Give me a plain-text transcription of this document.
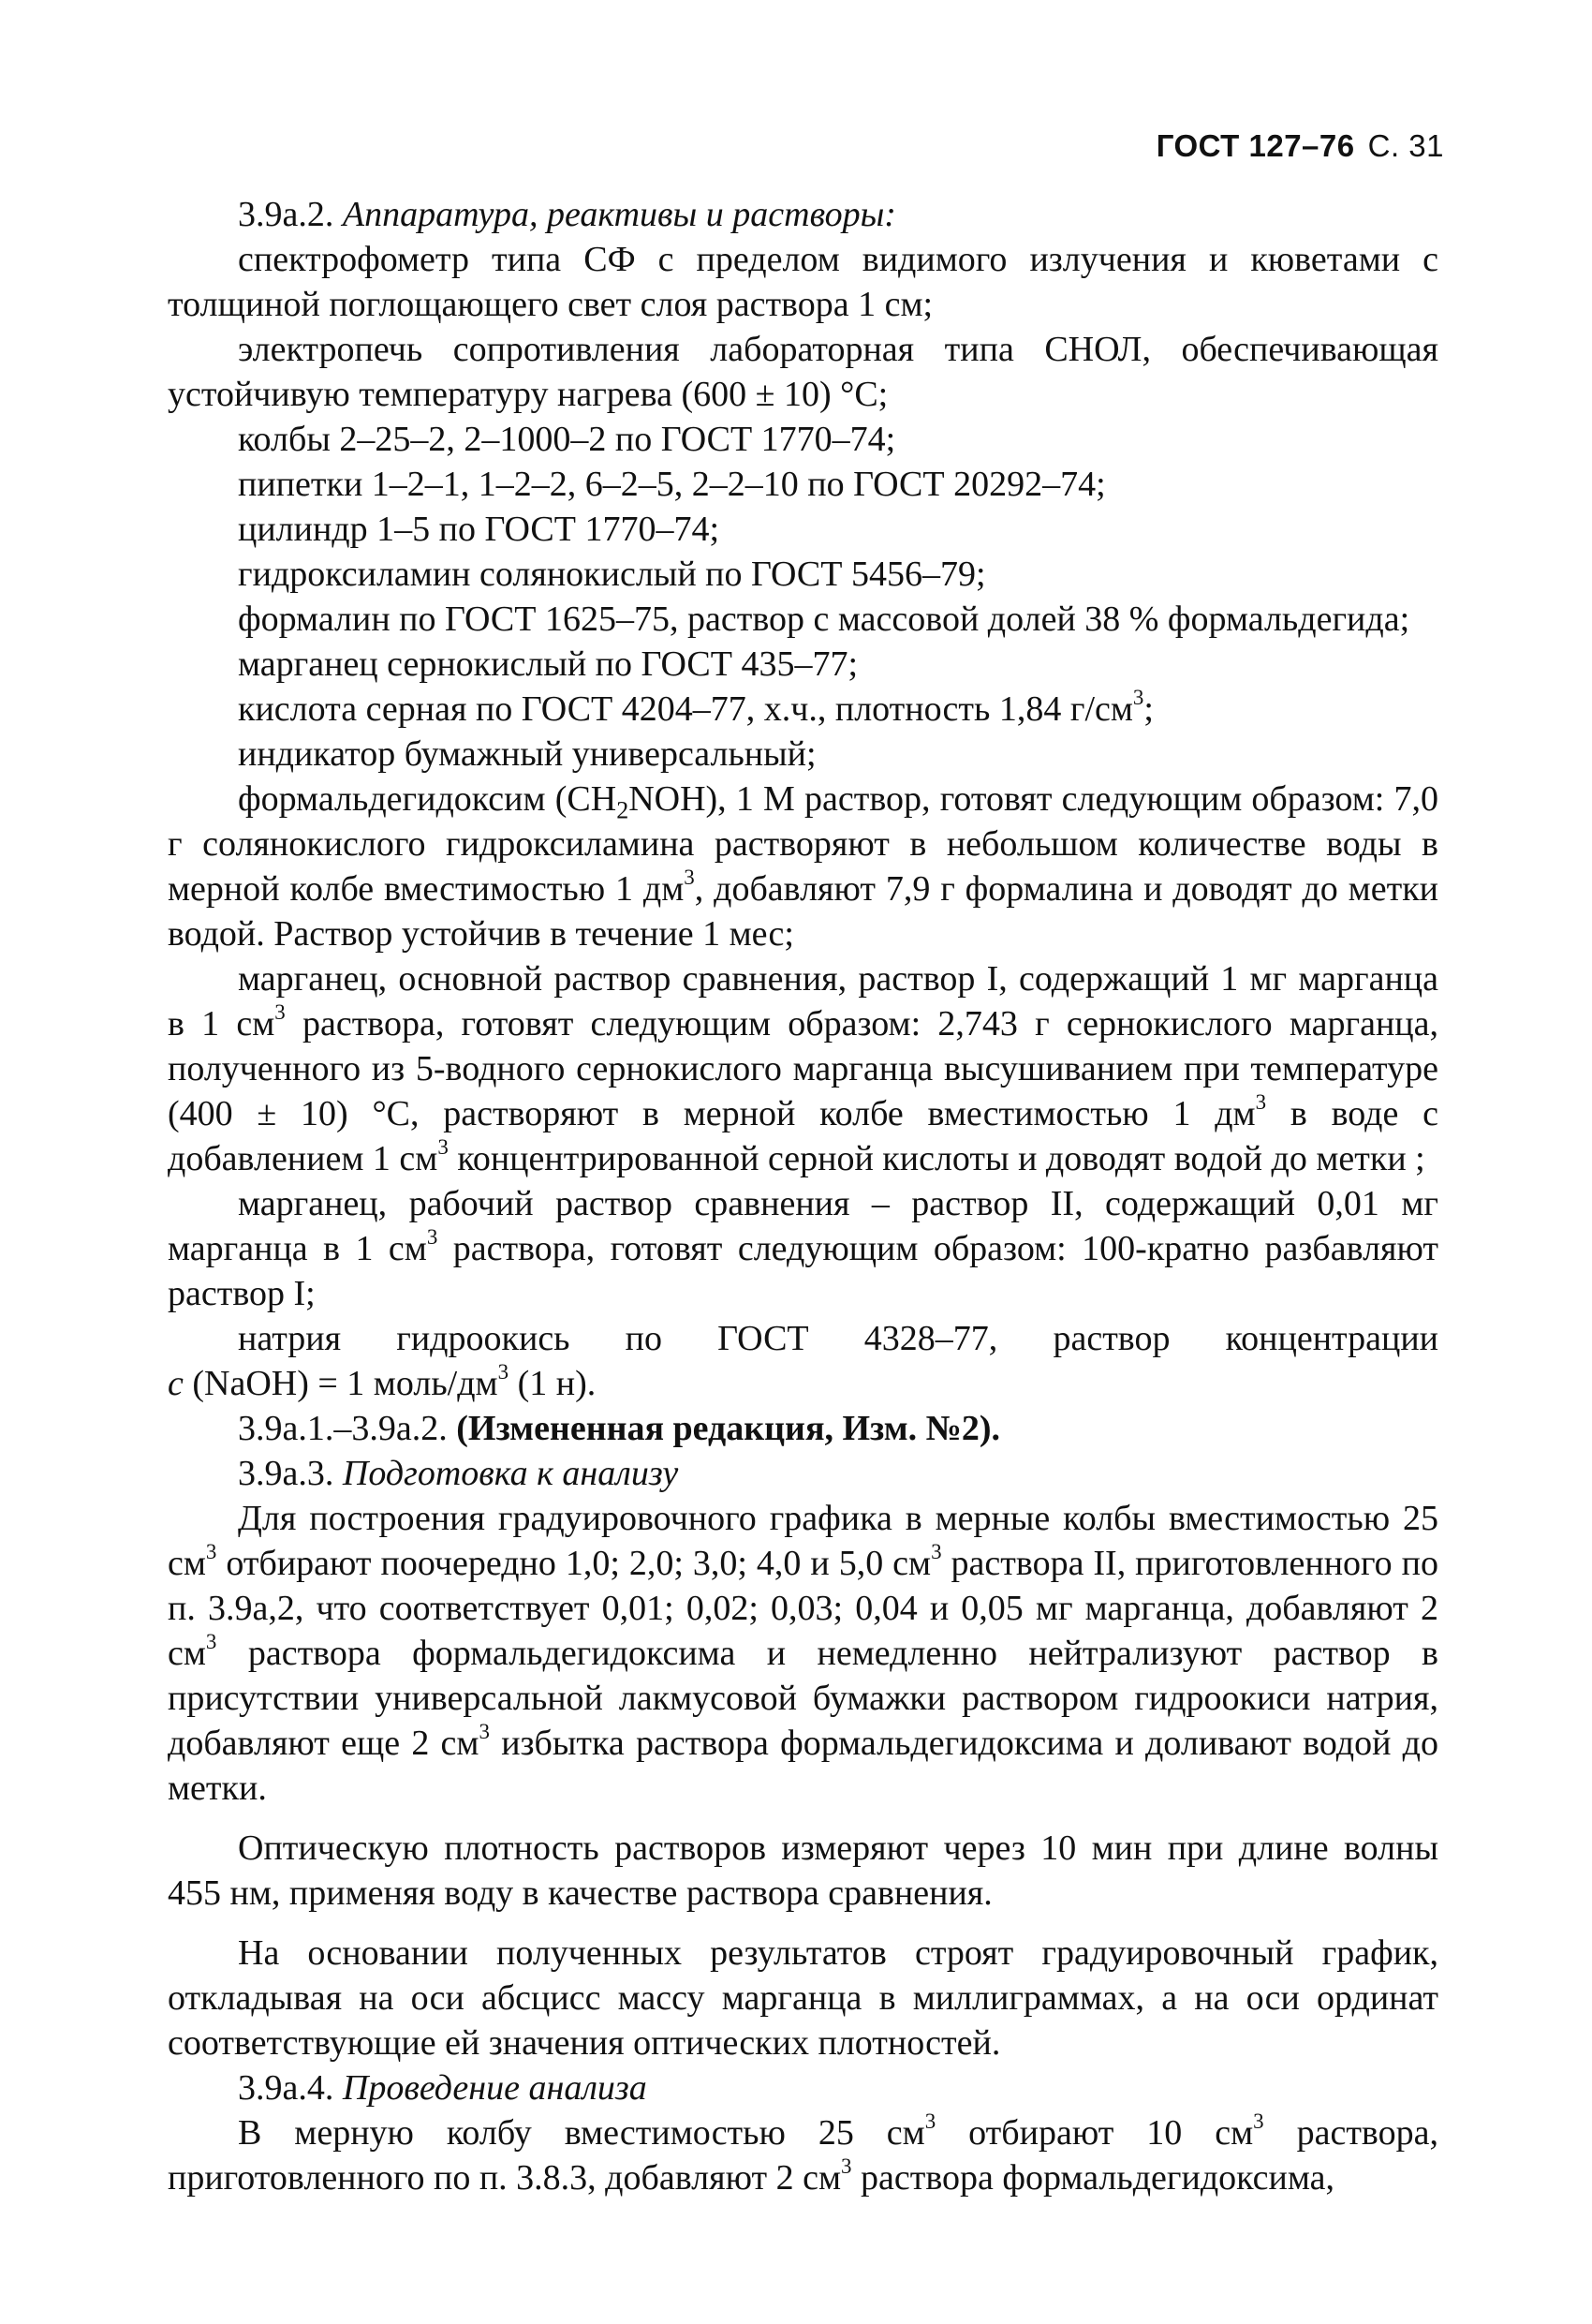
ГОСТ 127–76 С. 31

3.9а.2. Аппаратура, реактивы и растворы:

спектрофометр типа СФ с пределом видимого излучения и кюветами с толщиной поглощающего свет слоя раствора 1 см;

электропечь сопротивления лабораторная типа СНОЛ, обеспечивающая устойчивую температуру нагрева (600 ± 10) °С;

колбы 2–25–2, 2–1000–2 по ГОСТ 1770–74;

пипетки 1–2–1, 1–2–2, 6–2–5, 2–2–10 по ГОСТ 20292–74;

цилиндр 1–5 по ГОСТ 1770–74;

гидроксиламин солянокислый по ГОСТ 5456–79;

формалин по ГОСТ 1625–75, раствор с массовой долей 38 % формальдегида;

марганец сернокислый по ГОСТ 435–77;

кислота серная по ГОСТ 4204–77, х.ч., плотность 1,84 $г/см^3$;

индикатор бумажный универсальный;

формальдегидоксим $(CH_2NOH)$, 1 М раствор, готовят следующим образом: 7,0 г солянокислого гидроксиламина растворяют в небольшом количестве воды в мерной колбе вместимостью 1 $дм^3$, добавляют 7,9 г формалина и доводят до метки водой. Раствор устойчив в течение 1 мес;

марганец, основной раствор сравнения, раствор I, содержащий 1 мг марганца в 1 $см^3$ раствора, готовят следующим образом: 2,743 г сернокислого марганца, полученного из 5-водного сернокислого марганца высушиванием при температуре (400 ± 10) °С, растворяют в мерной колбе вместимостью 1 $дм^3$ в воде с добавлением 1 $см^3$ концентрированной серной кислоты и доводят водой до метки ;

марганец, рабочий раствор сравнения – раствор II, содержащий 0,01 мг марганца в 1 $см^3$ раствора, готовят следующим образом: 100-кратно разбавляют раствор I;

натрия гидроокись по ГОСТ 4328–77, раствор концентрации

с (NaOH) = 1 моль/$дм^3$ (1 н).

3.9а.1.–3.9а.2. (Измененная редакция, Изм. №2).

3.9а.3. Подготовка к анализу

Для построения градуировочного графика в мерные колбы вместимостью 25 $см^3$ отбирают поочередно 1,0; 2,0; 3,0; 4,0 и 5,0 $см^3$ раствора II, приготовленного по п. 3.9а,2, что соответствует 0,01; 0,02; 0,03; 0,04 и 0,05 мг марганца, добавляют 2 $см^3$ раствора формальдегидоксима и немедленно нейтрализуют раствор в присутствии универсальной лакмусовой бумажки раствором гидроокиси натрия, добавляют еще 2 $см^3$ избытка раствора формальдегидоксима и доливают водой до метки.

Оптическую плотность растворов измеряют через 10 мин при длине волны 455 нм, применяя воду в качестве раствора сравнения.

На основании полученных результатов строят градуировочный график, откладывая на оси абсцисс массу марганца в миллиграммах, а на оси ординат соответствующие ей значения оптических плотностей.

3.9а.4. Проведение анализа

В мерную колбу вместимостью 25 $см^3$ отбирают 10 $см^3$ раствора, приготовленного по п. 3.8.3, добавляют 2 $см^3$ раствора формальдегидоксима,
